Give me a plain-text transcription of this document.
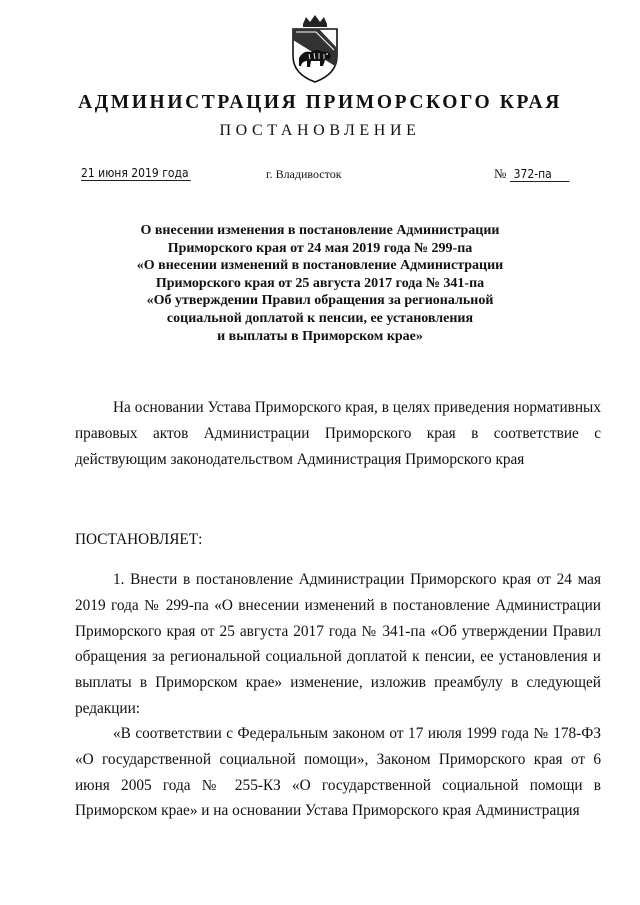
АДМИНИСТРАЦИЯ ПРИМОРСКОГО КРАЯ
ПОСТАНОВЛЕНИЕ
21 июня 2019 года	г. Владивосток	№ 372-па
О внесении изменения в постановление Администрации
Приморского края от 24 мая 2019 года № 299-па
«О внесении изменений в постановление Администрации
Приморского края от 25 августа 2017 года № 341-па
«Об утверждении Правил обращения за региональной
социальной доплатой к пенсии, ее установления
и выплаты в Приморском крае»
На основании Устава Приморского края, в целях приведения нормативных правовых актов Администрации Приморского края в соответствие с действующим законодательством Администрация Приморского края
ПОСТАНОВЛЯЕТ:
1. Внести в постановление Администрации Приморского края от 24 мая 2019 года № 299-па «О внесении изменений в постановление Администрации Приморского края от 25 августа 2017 года № 341-па «Об утверждении Правил обращения за региональной социальной доплатой к пенсии, ее установления и выплаты в Приморском крае» изменение, изложив преамбулу в следующей редакции:
«В соответствии с Федеральным законом от 17 июля 1999 года № 178-ФЗ «О государственной социальной помощи», Законом Приморского края от 6 июня 2005 года № 255-КЗ «О государственной социальной помощи в Приморском крае» и на основании Устава Приморского края Администрация
